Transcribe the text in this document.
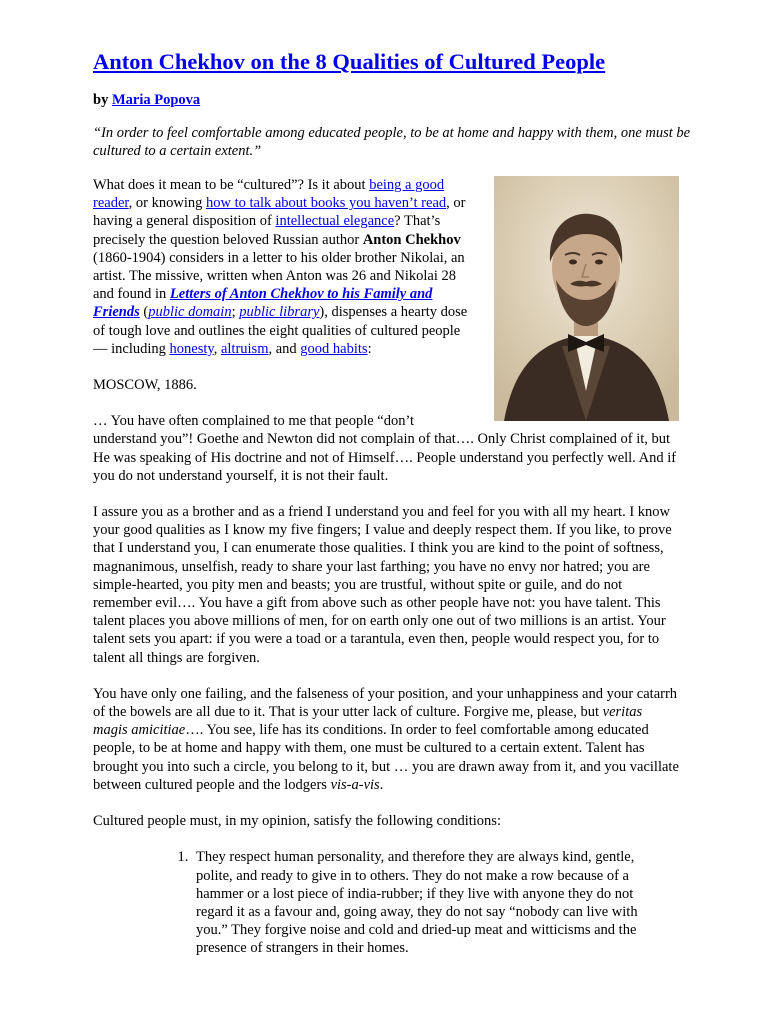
Anton Chekhov on the 8 Qualities of Cultured People
by Maria Popova

“In order to feel comfortable among educated people, to be at home and happy with them, one must be cultured to a certain extent.”

What does it mean to be “cultured”? Is it about being a good reader, or knowing how to talk about books you haven’t read, or having a general disposition of intellectual elegance? That’s precisely the question beloved Russian author Anton Chekhov (1860-1904) considers in a letter to his older brother Nikolai, an artist. The missive, written when Anton was 26 and Nikolai 28 and found in Letters of Anton Chekhov to his Family and Friends (public domain; public library), dispenses a hearty dose of tough love and outlines the eight qualities of cultured people — including honesty, altruism, and good habits:

MOSCOW, 1886.

… You have often complained to me that people “don’t understand you”! Goethe and Newton did not complain of that…. Only Christ complained of it, but He was speaking of His doctrine and not of Himself…. People understand you perfectly well. And if you do not understand yourself, it is not their fault.

I assure you as a brother and as a friend I understand you and feel for you with all my heart. I know your good qualities as I know my five fingers; I value and deeply respect them. If you like, to prove that I understand you, I can enumerate those qualities. I think you are kind to the point of softness, magnanimous, unselfish, ready to share your last farthing; you have no envy nor hatred; you are simple-hearted, you pity men and beasts; you are trustful, without spite or guile, and do not remember evil…. You have a gift from above such as other people have not: you have talent. This talent places you above millions of men, for on earth only one out of two millions is an artist. Your talent sets you apart: if you were a toad or a tarantula, even then, people would respect you, for to talent all things are forgiven.

You have only one failing, and the falseness of your position, and your unhappiness and your catarrh of the bowels are all due to it. That is your utter lack of culture. Forgive me, please, but veritas magis amicitiae…. You see, life has its conditions. In order to feel comfortable among educated people, to be at home and happy with them, one must be cultured to a certain extent. Talent has brought you into such a circle, you belong to it, but … you are drawn away from it, and you vacillate between cultured people and the lodgers vis-a-vis.

Cultured people must, in my opinion, satisfy the following conditions:

1. They respect human personality, and therefore they are always kind, gentle, polite, and ready to give in to others. They do not make a row because of a hammer or a lost piece of india-rubber; if they live with anyone they do not regard it as a favour and, going away, they do not say “nobody can live with you.” They forgive noise and cold and dried-up meat and witticisms and the presence of strangers in their homes.
